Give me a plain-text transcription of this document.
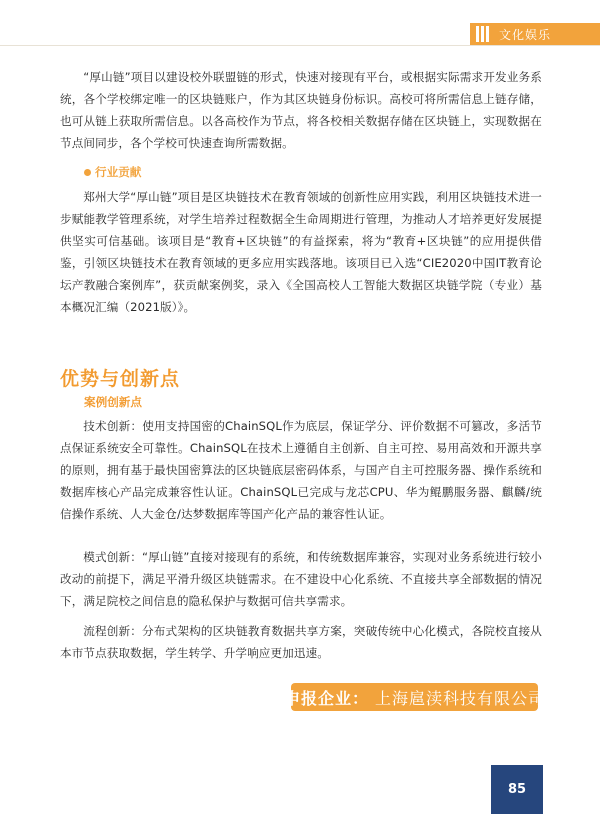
文化娱乐

“厚山链”项目以建设校外联盟链的形式，快速对接现有平台，或根据实际需求开发业务系统，各个学校绑定唯一的区块链账户，作为其区块链身份标识。高校可将所需信息上链存储，也可从链上获取所需信息。以各高校作为节点，将各校相关数据存储在区块链上，实现数据在节点间同步，各个学校可快速查询所需数据。

行业贡献

郑州大学“厚山链”项目是区块链技术在教育领域的创新性应用实践，利用区块链技术进一步赋能教学管理系统，对学生培养过程数据全生命周期进行管理，为推动人才培养更好发展提供坚实可信基础。该项目是“教育+区块链”的有益探索，将为“教育+区块链”的应用提供借鉴，引领区块链技术在教育领域的更多应用实践落地。该项目已入选“CIE2020中国IT教育论坛产教融合案例库”，获贡献案例奖，录入《全国高校人工智能大数据区块链学院（专业）基本概况汇编（2021版）》。

优势与创新点
案例创新点

技术创新：使用支持国密的ChainSQL作为底层，保证学分、评价数据不可篡改，多活节点保证系统安全可靠性。ChainSQL在技术上遵循自主创新、自主可控、易用高效和开源共享的原则，拥有基于最快国密算法的区块链底层密码体系，与国产自主可控服务器、操作系统和数据库核心产品完成兼容性认证。ChainSQL已完成与龙芯CPU、华为鲲鹏服务器、麒麟/统信操作系统、人大金仓/达梦数据库等国产化产品的兼容性认证。

模式创新：“厚山链”直接对接现有的系统，和传统数据库兼容，实现对业务系统进行较小改动的前提下，满足平滑升级区块链需求。在不建设中心化系统、不直接共享全部数据的情况下，满足院校之间信息的隐私保护与数据可信共享需求。

流程创新：分布式架构的区块链教育数据共享方案，突破传统中心化模式，各院校直接从本市节点获取数据，学生转学、升学响应更加迅速。

申报企业： 上海扈渎科技有限公司
85
